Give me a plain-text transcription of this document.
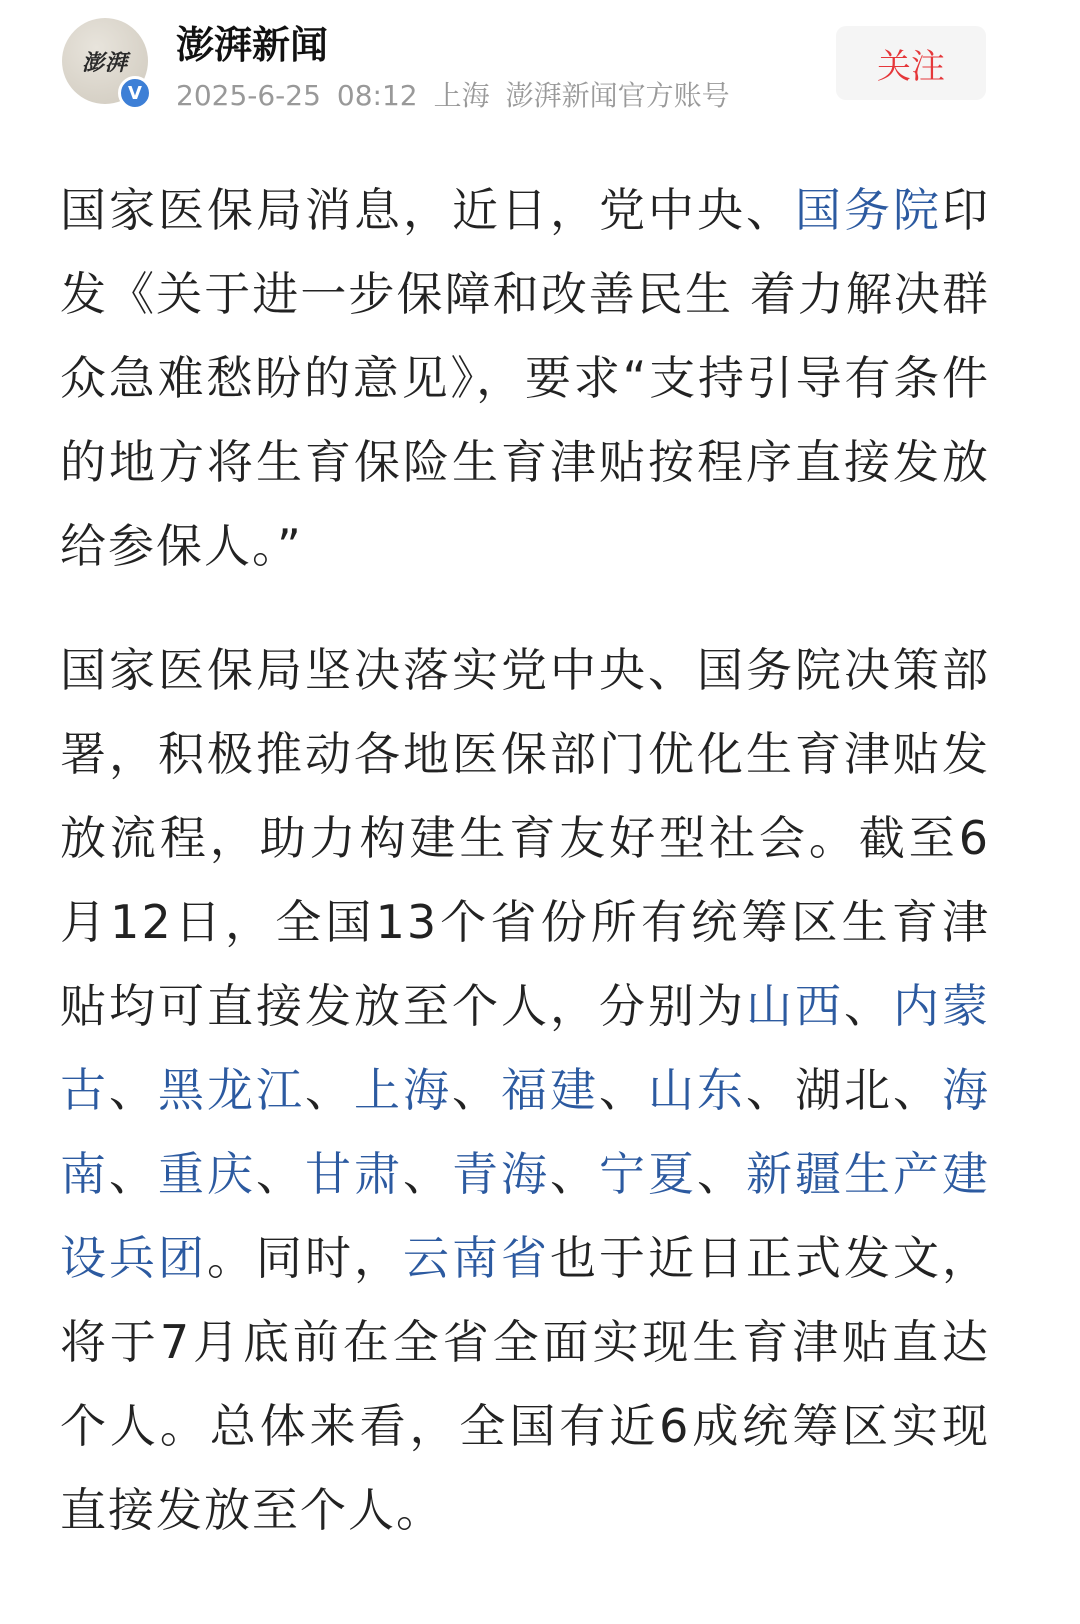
澎湃
V
澎湃新闻
2025-6-25 08:12 上海 澎湃新闻官方账号
关注

国家医保局消息，近日，党中央、国务院印发《关于进一步保障和改善民生 着力解决群众急难愁盼的意见》，要求“支持引导有条件的地方将生育保险生育津贴按程序直接发放给参保人。”

国家医保局坚决落实党中央、国务院决策部署，积极推动各地医保部门优化生育津贴发放流程，助力构建生育友好型社会。截至6月12日，全国13个省份所有统筹区生育津贴均可直接发放至个人，分别为山西、内蒙古、黑龙江、上海、福建、山东、湖北、海南、重庆、甘肃、青海、宁夏、新疆生产建设兵团。同时，云南省也于近日正式发文，将于7月底前在全省全面实现生育津贴直达个人。总体来看，全国有近6成统筹区实现直接发放至个人。
